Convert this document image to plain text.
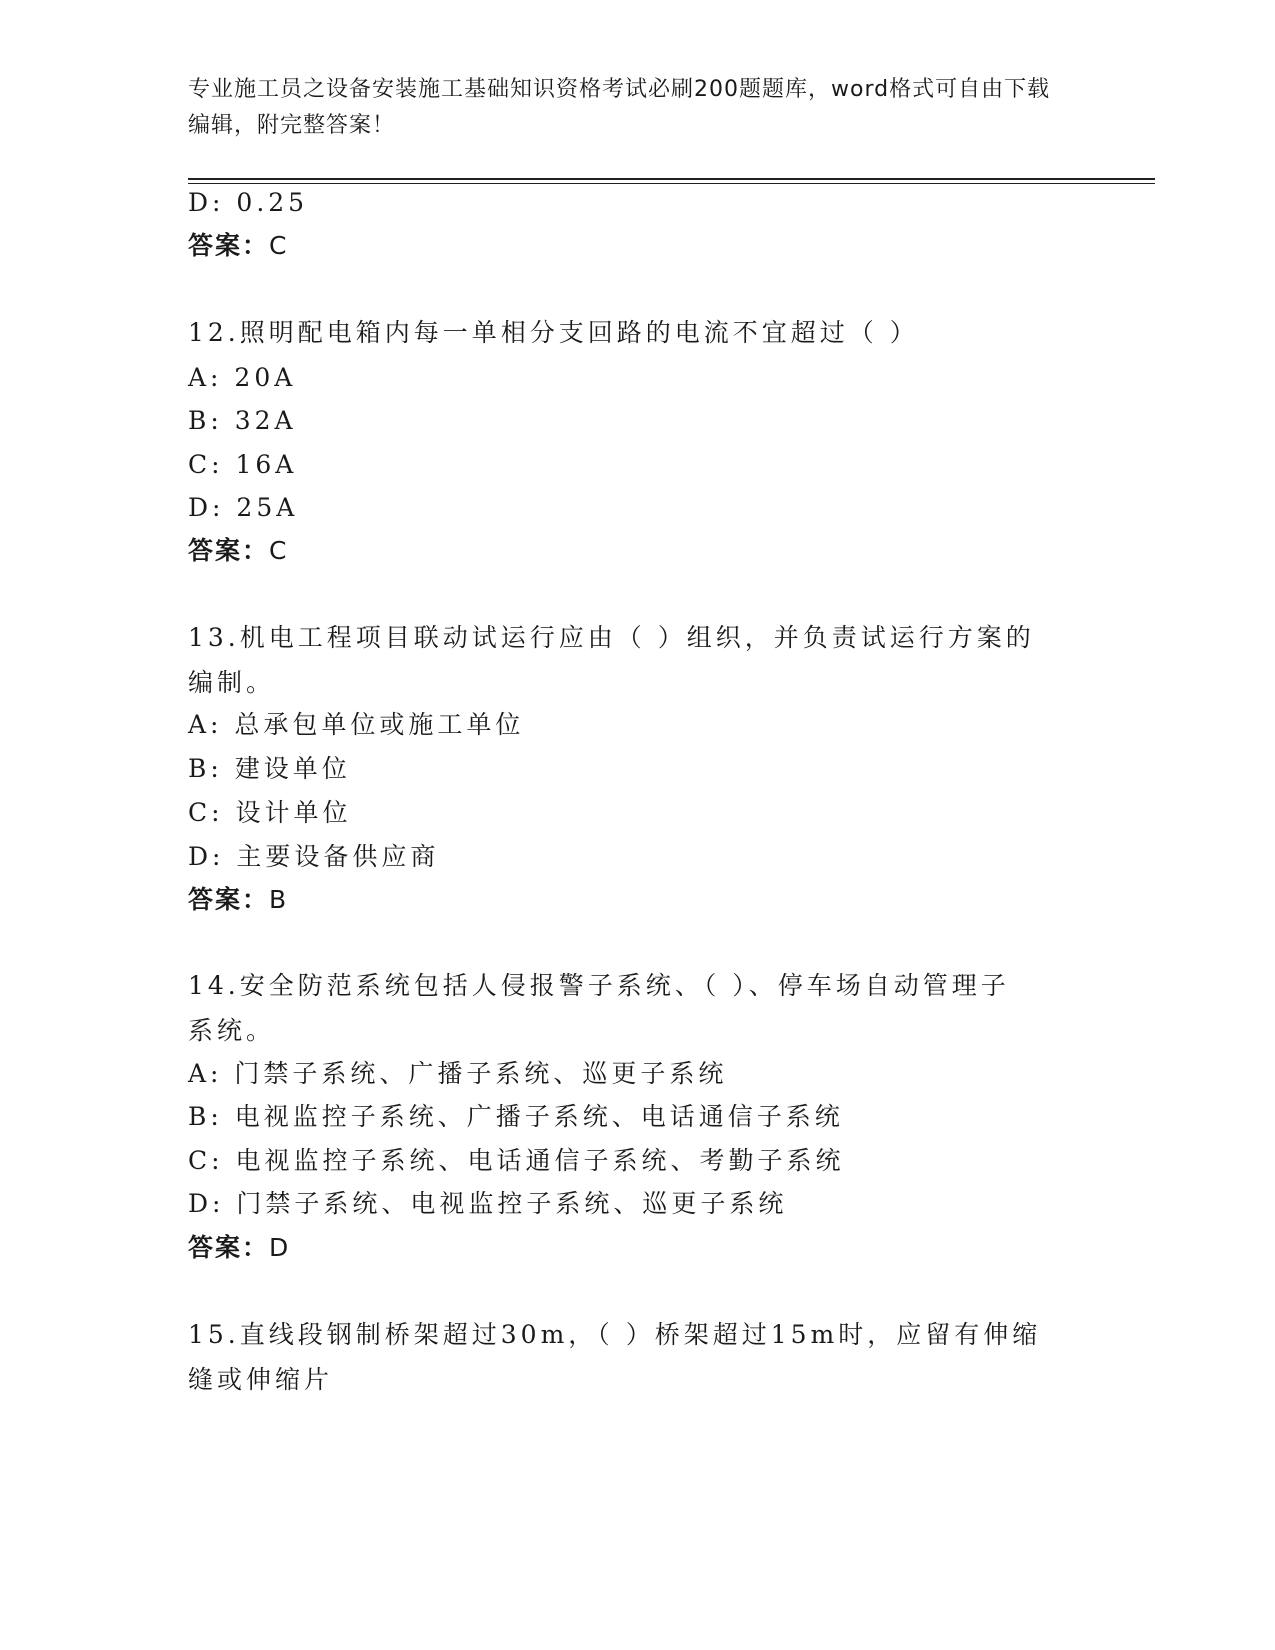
专业施工员之设备安装施工基础知识资格考试必刷200题题库，word格式可自由下载编辑，附完整答案！

D: 0.25

答案：C

12.照明配电箱内每一单相分支回路的电流不宜超过（ ）

A: 20A

B: 32A

C: 16A

D: 25A

答案：C

13.机电工程项目联动试运行应由（ ）组织，并负责试运行方案的编制。

A: 总承包单位或施工单位

B: 建设单位

C: 设计单位

D: 主要设备供应商

答案：B

14.安全防范系统包括人侵报警子系统、（ ）、停车场自动管理子系统。

A: 门禁子系统、广播子系统、巡更子系统

B: 电视监控子系统、广播子系统、电话通信子系统

C: 电视监控子系统、电话通信子系统、考勤子系统

D: 门禁子系统、电视监控子系统、巡更子系统

答案：D

15.直线段钢制桥架超过30m，（ ）桥架超过15m时，应留有伸缩缝或伸缩片
